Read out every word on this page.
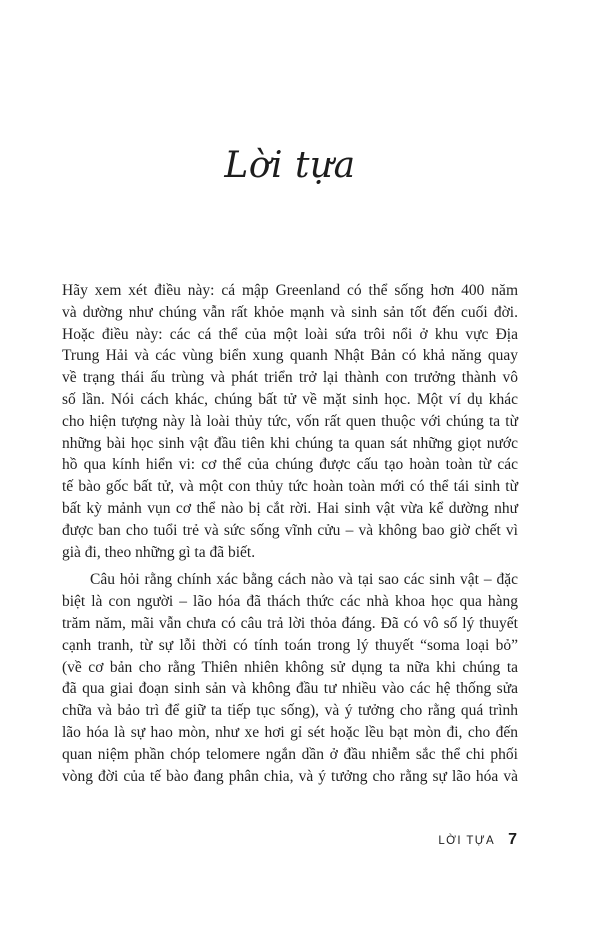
Lời tựa
Hãy xem xét điều này: cá mập Greenland có thể sống hơn 400 năm
và dường như chúng vẫn rất khỏe mạnh và sinh sản tốt đến cuối đời.
Hoặc điều này: các cá thể của một loài sứa trôi nổi ở khu vực Địa
Trung Hải và các vùng biển xung quanh Nhật Bản có khả năng quay
về trạng thái ấu trùng và phát triển trở lại thành con trưởng thành vô
số lần. Nói cách khác, chúng bất tử về mặt sinh học. Một ví dụ khác
cho hiện tượng này là loài thủy tức, vốn rất quen thuộc với chúng ta từ
những bài học sinh vật đầu tiên khi chúng ta quan sát những giọt nước
hồ qua kính hiển vi: cơ thể của chúng được cấu tạo hoàn toàn từ các
tế bào gốc bất tử, và một con thủy tức hoàn toàn mới có thể tái sinh từ
bất kỳ mảnh vụn cơ thể nào bị cắt rời. Hai sinh vật vừa kể dường như
được ban cho tuổi trẻ và sức sống vĩnh cửu – và không bao giờ chết vì
già đi, theo những gì ta đã biết.
Câu hỏi rằng chính xác bằng cách nào và tại sao các sinh vật – đặc
biệt là con người – lão hóa đã thách thức các nhà khoa học qua hàng
trăm năm, mãi vẫn chưa có câu trả lời thỏa đáng. Đã có vô số lý thuyết
cạnh tranh, từ sự lỗi thời có tính toán trong lý thuyết “soma loại bỏ”
(về cơ bản cho rằng Thiên nhiên không sử dụng ta nữa khi chúng ta
đã qua giai đoạn sinh sản và không đầu tư nhiều vào các hệ thống sửa
chữa và bảo trì để giữ ta tiếp tục sống), và ý tưởng cho rằng quá trình
lão hóa là sự hao mòn, như xe hơi gỉ sét hoặc lều bạt mòn đi, cho đến
quan niệm phần chóp telomere ngắn dần ở đầu nhiễm sắc thể chi phối
vòng đời của tế bào đang phân chia, và ý tưởng cho rằng sự lão hóa và
LỜI TỰA 7
